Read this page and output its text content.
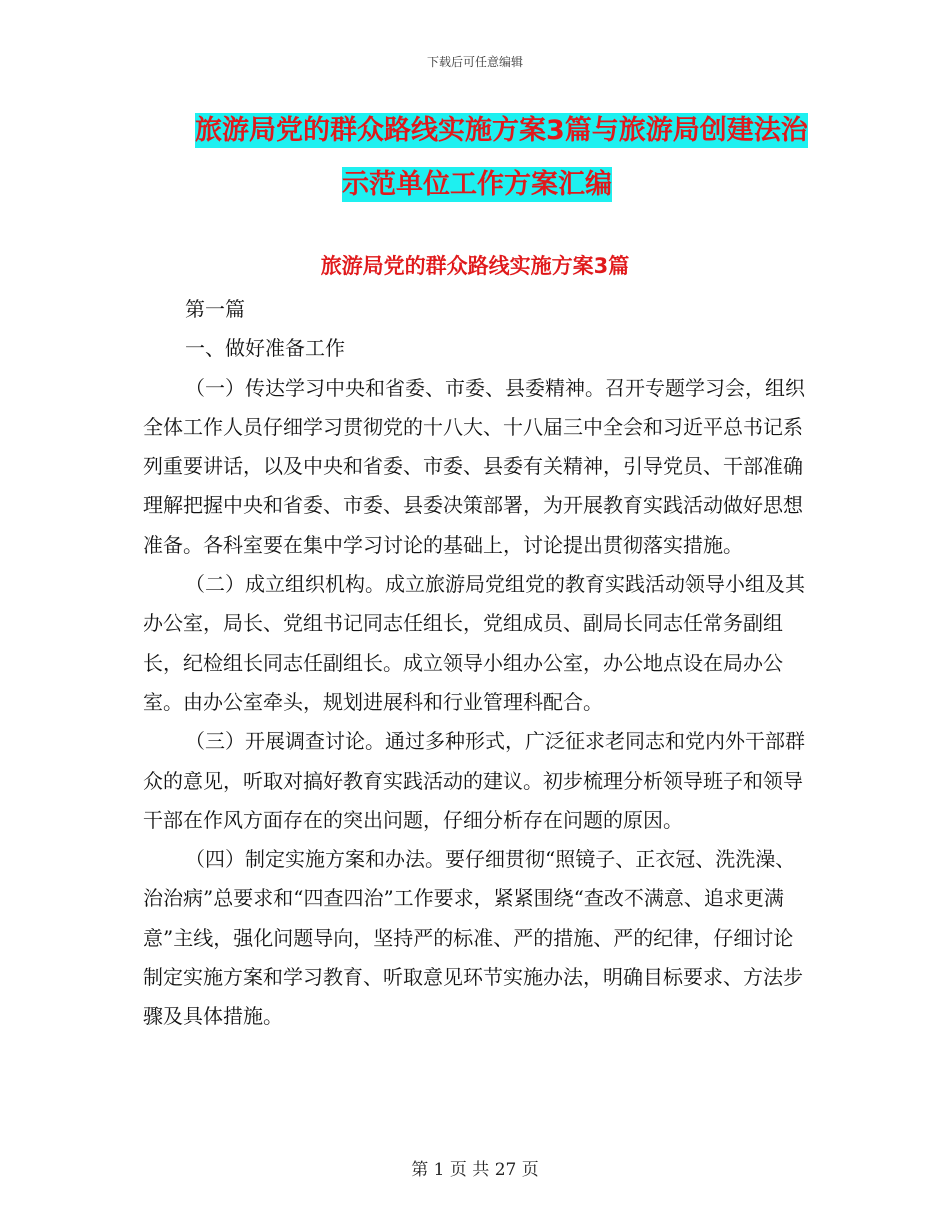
下载后可任意编辑
旅游局党的群众路线实施方案3篇与旅游局创建法治
示范单位工作方案汇编
旅游局党的群众路线实施方案3篇

第一篇

一、做好准备工作

（一）传达学习中央和省委、市委、县委精神。召开专题学习会，组织全体工作人员仔细学习贯彻党的十八大、十八届三中全会和习近平总书记系列重要讲话，以及中央和省委、市委、县委有关精神，引导党员、干部准确理解把握中央和省委、市委、县委决策部署，为开展教育实践活动做好思想准备。各科室要在集中学习讨论的基础上，讨论提出贯彻落实措施。

（二）成立组织机构。成立旅游局党组党的教育实践活动领导小组及其办公室，局长、党组书记同志任组长，党组成员、副局长同志任常务副组长，纪检组长同志任副组长。成立领导小组办公室，办公地点设在局办公室。由办公室牵头，规划进展科和行业管理科配合。

（三）开展调查讨论。通过多种形式，广泛征求老同志和党内外干部群众的意见，听取对搞好教育实践活动的建议。初步梳理分析领导班子和领导干部在作风方面存在的突出问题，仔细分析存在问题的原因。

（四）制定实施方案和办法。要仔细贯彻“照镜子、正衣冠、洗洗澡、治治病”总要求和“四查四治”工作要求，紧紧围绕“查改不满意、追求更满意”主线，强化问题导向，坚持严的标准、严的措施、严的纪律，仔细讨论制定实施方案和学习教育、听取意见环节实施办法，明确目标要求、方法步骤及具体措施。

第 1 页 共 27 页
